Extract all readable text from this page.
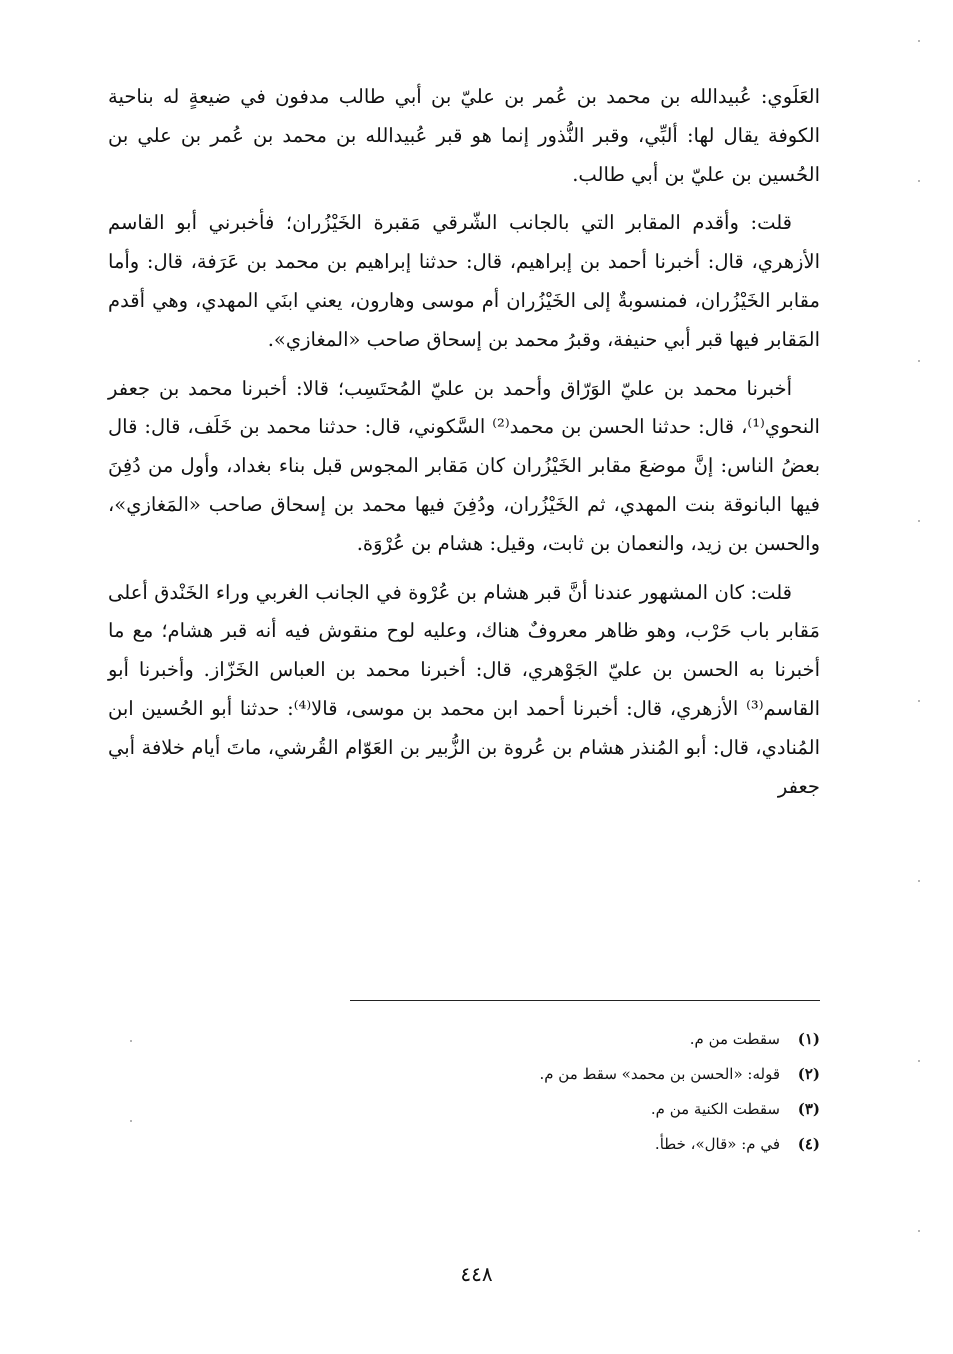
العَلَوي: عُبيدالله بن محمد بن عُمر بن عليّ بن أبي طالب مدفون في ضيعةٍ له بناحية الكوفة يقال لها: ألبِّي، وقبر النُّذور إنما هو قبر عُبيدالله بن محمد بن عُمر بن علي بن الحُسين بن عليّ بن أبي طالب.

قلت: وأقدم المقابر التي بالجانب الشّرقي مَقبرة الخَيْزُران؛ فأخبرني أبو القاسم الأزهري، قال: أخبرنا أحمد بن إبراهيم، قال: حدثنا إبراهيم بن محمد بن عَرَفة، قال: وأما مقابر الخَيْزُران، فمنسوبةٌ إلى الخَيْزُران أم موسى وهارون، يعني ابنَي المهدي، وهي أقدم المَقابر فيها قبر أبي حنيفة، وقبرُ محمد بن إسحاق صاحب «المغازي».

أخبرنا محمد بن عليّ الوَرّاق وأحمد بن عليّ المُحتَسِب؛ قالا: أخبرنا محمد بن جعفر النحوي⁽¹⁾، قال: حدثنا الحسن بن محمد⁽²⁾ السَّكوني، قال: حدثنا محمد بن خَلَف، قال: قال بعضُ الناس: إنَّ موضعَ مقابر الخَيْزُران كان مَقابر المجوس قبل بناء بغداد، وأول من دُفِنَ فيها البانوقة بنت المهدي، ثم الخَيْزُران، ودُفِنَ فيها محمد بن إسحاق صاحب «المَغازي»، والحسن بن زيد، والنعمان بن ثابت، وقيل: هشام بن عُرْوَة.

قلت: كان المشهور عندنا أنَّ قبر هشام بن عُرْوة في الجانب الغربي وراء الخَنْدق أعلى مَقابر باب حَرْب، وهو ظاهر معروفٌ هناك، وعليه لوح منقوش فيه أنه قبر هشام؛ مع ما أخبرنا به الحسن بن عليّ الجَوْهري، قال: أخبرنا محمد بن العباس الخَزّاز. وأخبرنا أبو القاسم⁽³⁾ الأزهري، قال: أخبرنا أحمد ابن محمد بن موسى، قالا⁽⁴⁾: حدثنا أبو الحُسين ابن المُنادي، قال: أبو المُنذر هشام بن عُروة بن الزُّبير بن العَوّام القُرشي، ماتَ أيام خلافة أبي جعفر

(١)سقطت من م.
(٢)قوله: «الحسن بن محمد» سقط من م.
(٣)سقطت الكنية من م.
(٤)في م: «قال»، خطأ.
٤٤٨
